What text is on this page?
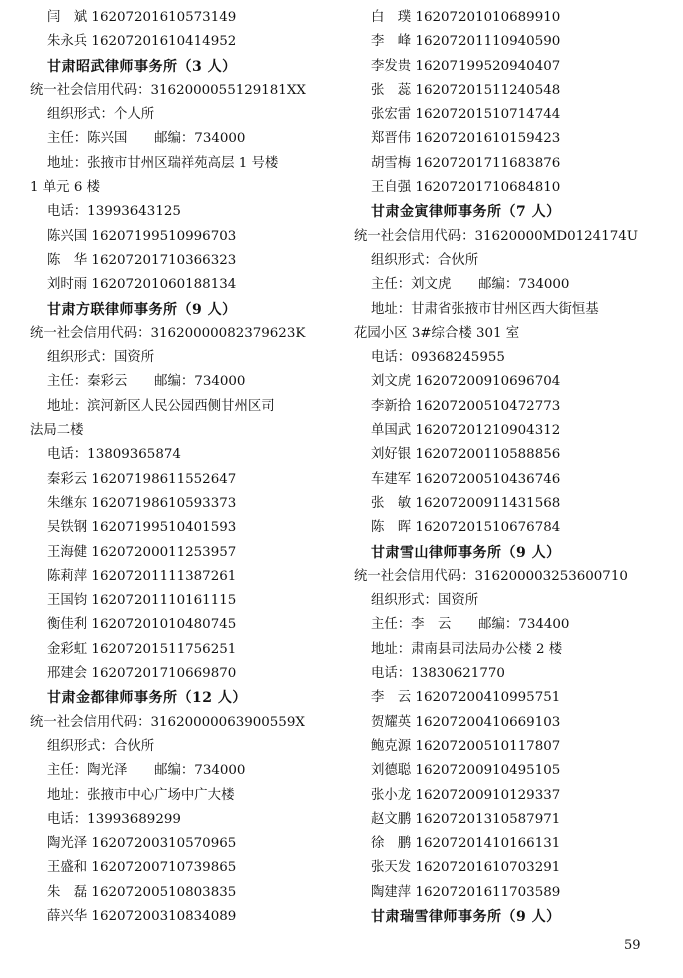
闫　斌 16207201610573149
朱永兵 16207201610414952
甘肃昭武律师事务所（3 人）
统一社会信用代码：3162000055129181XX
组织形式：个人所
主任：陈兴国　　邮编：734000
地址：张掖市甘州区瑞祥苑高层 1 号楼
1 单元 6 楼
电话：13993643125
陈兴国 16207199510996703
陈　华 16207201710366323
刘时雨 16207201060188134
甘肃方联律师事务所（9 人）
统一社会信用代码：31620000082379623K
组织形式：国资所
主任：秦彩云　　邮编：734000
地址：滨河新区人民公园西侧甘州区司
法局二楼
电话：13809365874
秦彩云 16207198611552647
朱继东 16207198610593373
吴铁钢 16207199510401593
王海健 16207200011253957
陈莉萍 16207201111387261
王国钧 16207201110161115
衡佳利 16207201010480745
金彩虹 16207201511756251
邢建会 16207201710669870
甘肃金都律师事务所（12 人）
统一社会信用代码：31620000063900559X
组织形式：合伙所
主任：陶光泽　　邮编：734000
地址：张掖市中心广场中广大楼
电话：13993689299
陶光泽 16207200310570965
王盛和 16207200710739865
朱　磊 16207200510803835
薛兴华 16207200310834089
白　璞 16207201010689910
李　峰 16207201110940590
李发贵 16207199520940407
张　蕊 16207201511240548
张宏雷 16207201510714744
郑晋伟 16207201610159423
胡雪梅 16207201711683876
王自强 16207201710684810
甘肃金寅律师事务所（7 人）
统一社会信用代码：31620000MD0124174U
组织形式：合伙所
主任：刘文虎　　邮编：734000
地址：甘肃省张掖市甘州区西大街恒基
花园小区 3#综合楼 301 室
电话：09368245955
刘文虎 16207200910696704
李新拾 16207200510472773
单国武 16207201210904312
刘好银 16207200110588856
车建军 16207200510436746
张　敏 16207200911431568
陈　晖 16207201510676784
甘肃雪山律师事务所（9 人）
统一社会信用代码：316200003253600710
组织形式：国资所
主任：李　云　　邮编：734400
地址：肃南县司法局办公楼 2 楼
电话：13830621770
李　云 16207200410995751
贺耀英 16207200410669103
鲍克源 16207200510117807
刘德聪 16207200910495105
张小龙 16207200910129337
赵文鹏 16207201310587971
徐　鹏 16207201410166131
张天发 16207201610703291
陶建萍 16207201611703589
甘肃瑞雪律师事务所（9 人）
59
